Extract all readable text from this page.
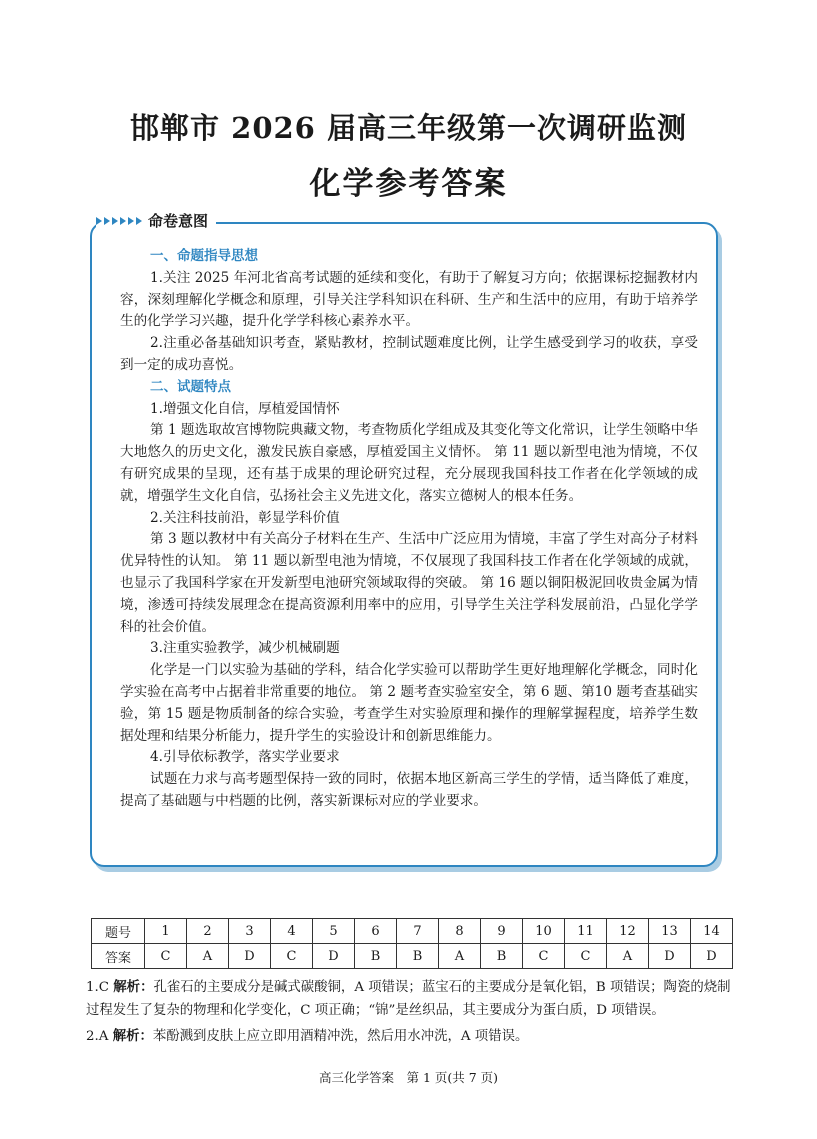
邯郸市 2026 届高三年级第一次调研监测
化学参考答案
命卷意图

一、命题指导思想

1.关注 2025 年河北省高考试题的延续和变化，有助于了解复习方向；依据课标挖掘教材内容，深刻理解化学概念和原理，引导关注学科知识在科研、生产和生活中的应用，有助于培养学生的化学学习兴趣，提升化学学科核心素养水平。

2.注重必备基础知识考查，紧贴教材，控制试题难度比例，让学生感受到学习的收获，享受到一定的成功喜悦。

二、试题特点

1.增强文化自信，厚植爱国情怀

第 1 题选取故宫博物院典藏文物，考查物质化学组成及其变化等文化常识，让学生领略中华大地悠久的历史文化，激发民族自豪感，厚植爱国主义情怀。 第 11 题以新型电池为情境，不仅有研究成果的呈现，还有基于成果的理论研究过程，充分展现我国科技工作者在化学领域的成就，增强学生文化自信，弘扬社会主义先进文化，落实立德树人的根本任务。

2.关注科技前沿，彰显学科价值

第 3 题以教材中有关高分子材料在生产、生活中广泛应用为情境，丰富了学生对高分子材料优异特性的认知。 第 11 题以新型电池为情境，不仅展现了我国科技工作者在化学领域的成就，也显示了我国科学家在开发新型电池研究领域取得的突破。 第 16 题以铜阳极泥回收贵金属为情境，渗透可持续发展理念在提高资源利用率中的应用，引导学生关注学科发展前沿，凸显化学学科的社会价值。

3.注重实验教学，减少机械刷题

化学是一门以实验为基础的学科，结合化学实验可以帮助学生更好地理解化学概念，同时化学实验在高考中占据着非常重要的地位。 第 2 题考查实验室安全，第 6 题、第10 题考查基础实验，第 15 题是物质制备的综合实验，考查学生对实验原理和操作的理解掌握程度，培养学生数据处理和结果分析能力，提升学生的实验设计和创新思维能力。

4.引导依标教学，落实学业要求

试题在力求与高考题型保持一致的同时，依据本地区新高三学生的学情，适当降低了难度，提高了基础题与中档题的比例，落实新课标对应的学业要求。

题号	1	2	3	4	5	6	7	8	9	10	11	12	13	14
答案	C	A	D	C	D	B	B	A	B	C	C	A	D	D
1.C 解析：孔雀石的主要成分是碱式碳酸铜，A 项错误；蓝宝石的主要成分是氧化铝，B 项错误；陶瓷的烧制过程发生了复杂的物理和化学变化，C 项正确；“锦”是丝织品，其主要成分为蛋白质，D 项错误。
2.A 解析：苯酚溅到皮肤上应立即用酒精冲洗，然后用水冲洗，A 项错误。
高三化学答案　第 1 页(共 7 页)
